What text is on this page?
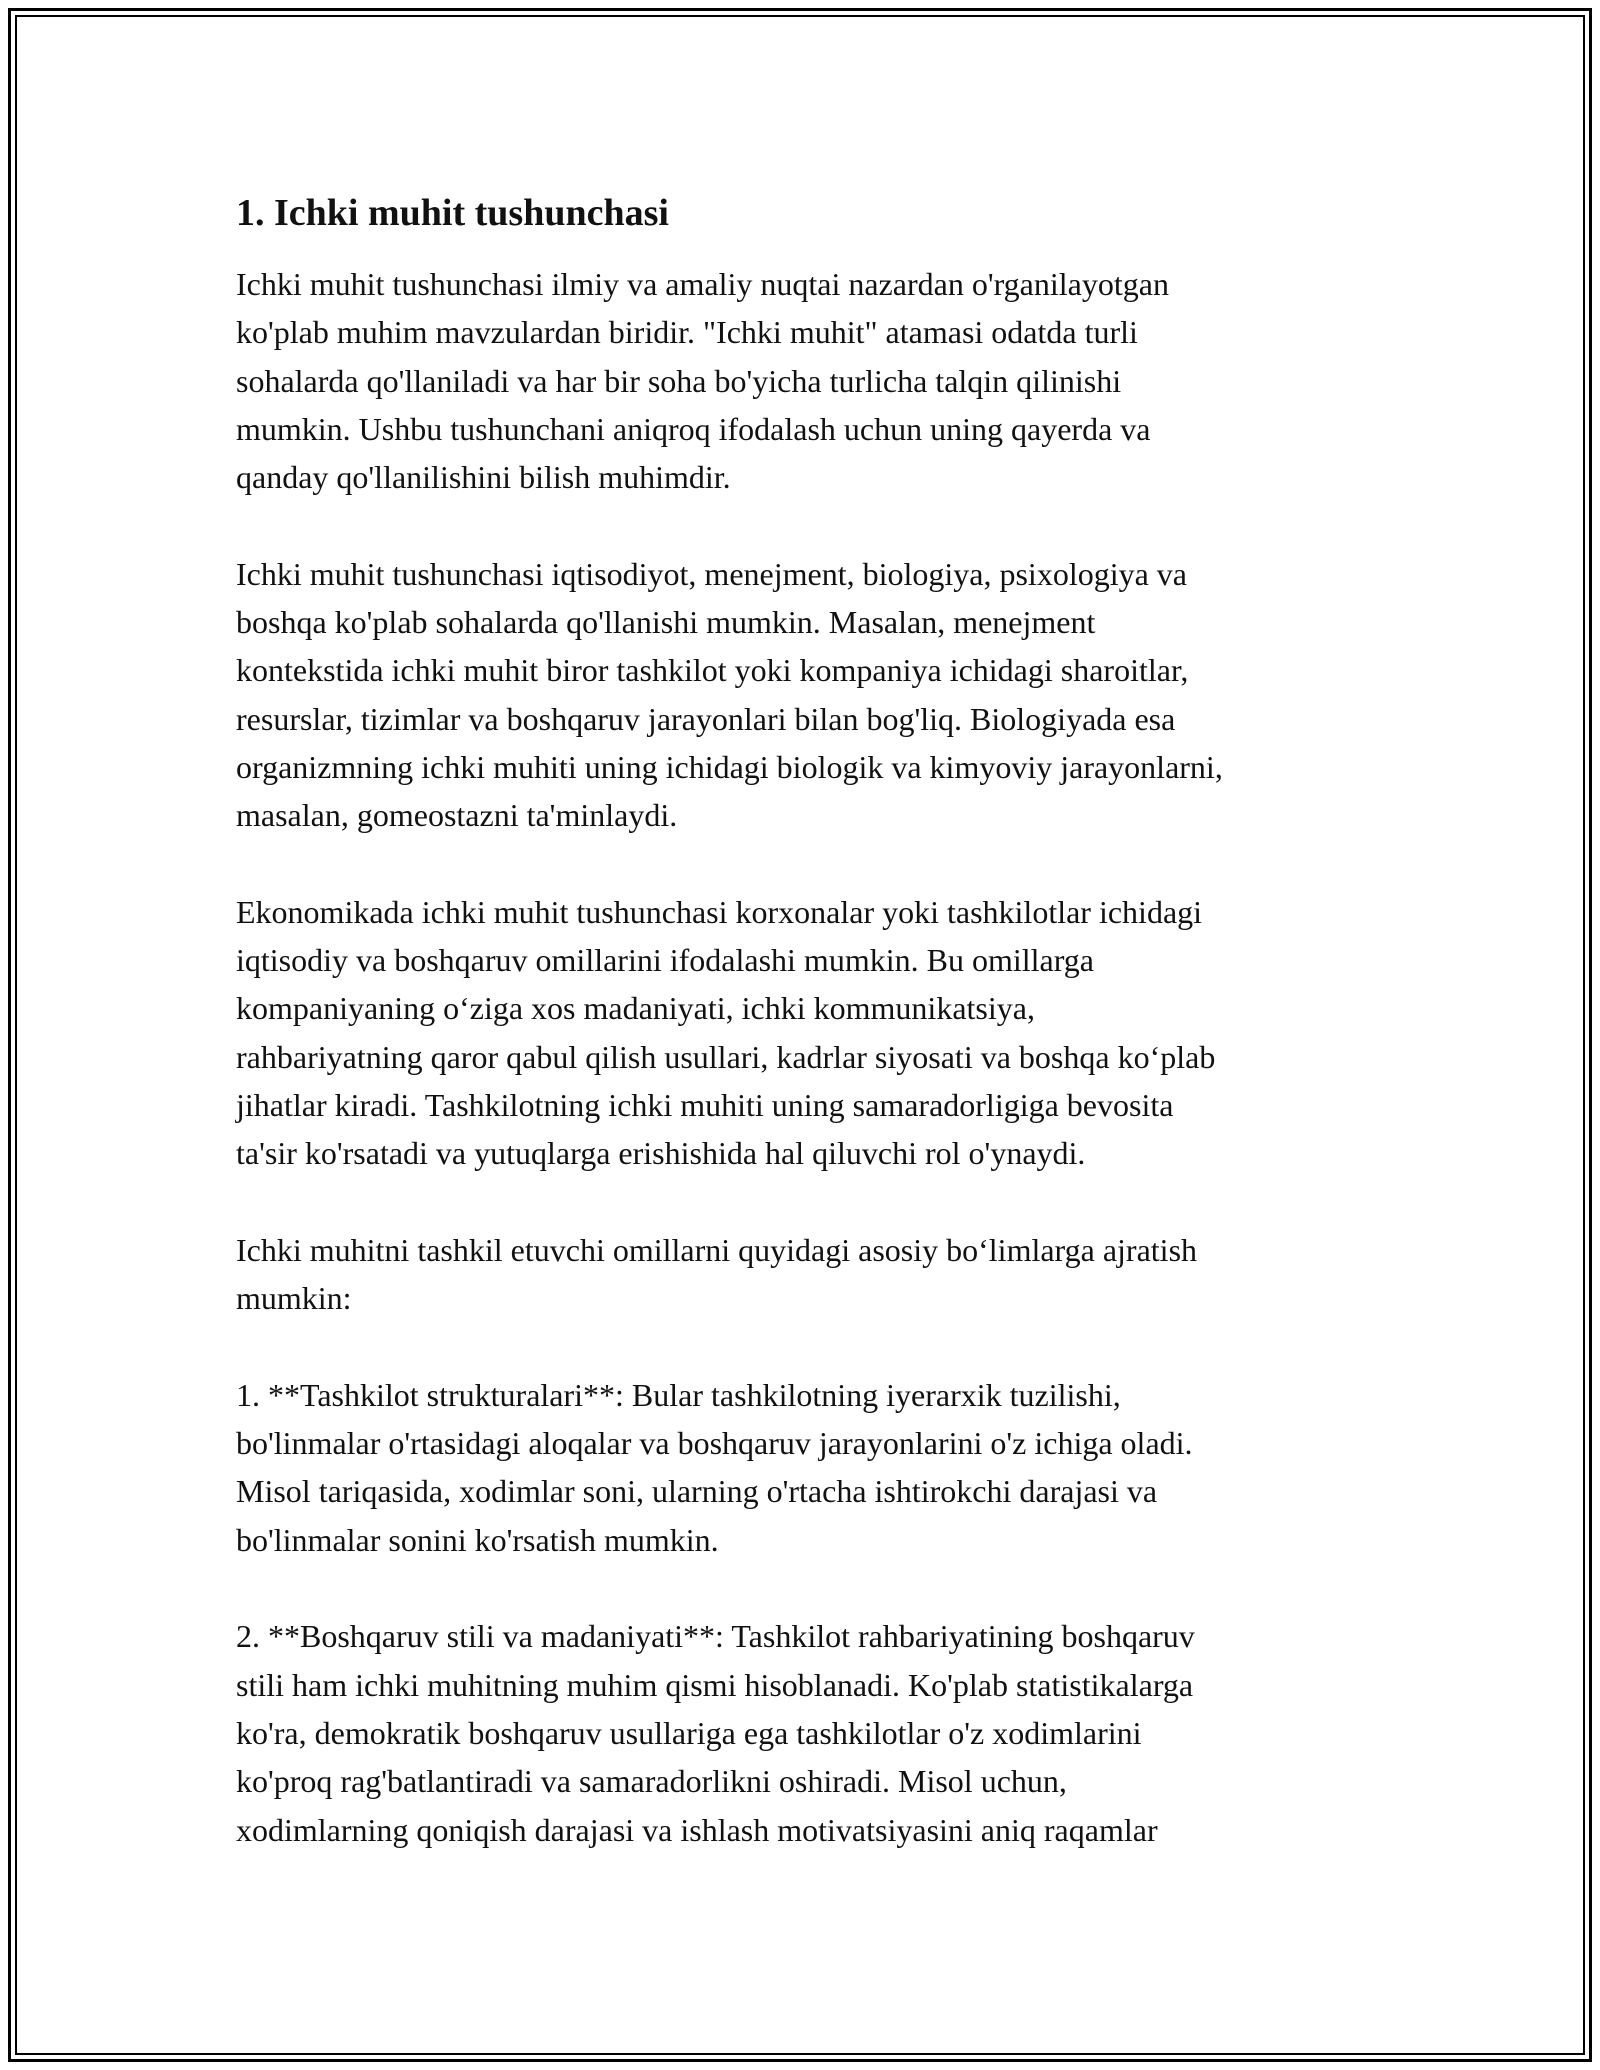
1. Ichki muhit tushunchasi

Ichki muhit tushunchasi ilmiy va amaliy nuqtai nazardan o'rganilayotgan
ko'plab muhim mavzulardan biridir. "Ichki muhit" atamasi odatda turli
sohalarda qo'llaniladi va har bir soha bo'yicha turlicha talqin qilinishi
mumkin. Ushbu tushunchani aniqroq ifodalash uchun uning qayerda va
qanday qo'llanilishini bilish muhimdir.

Ichki muhit tushunchasi iqtisodiyot, menejment, biologiya, psixologiya va
boshqa ko'plab sohalarda qo'llanishi mumkin. Masalan, menejment
kontekstida ichki muhit biror tashkilot yoki kompaniya ichidagi sharoitlar,
resurslar, tizimlar va boshqaruv jarayonlari bilan bog'liq. Biologiyada esa
organizmning ichki muhiti uning ichidagi biologik va kimyoviy jarayonlarni,
masalan, gomeostazni ta'minlaydi.

Ekonomikada ichki muhit tushunchasi korxonalar yoki tashkilotlar ichidagi
iqtisodiy va boshqaruv omillarini ifodalashi mumkin. Bu omillarga
kompaniyaning o‘ziga xos madaniyati, ichki kommunikatsiya,
rahbariyatning qaror qabul qilish usullari, kadrlar siyosati va boshqa ko‘plab
jihatlar kiradi. Tashkilotning ichki muhiti uning samaradorligiga bevosita
ta'sir ko'rsatadi va yutuqlarga erishishida hal qiluvchi rol o'ynaydi.

Ichki muhitni tashkil etuvchi omillarni quyidagi asosiy bo‘limlarga ajratish
mumkin:

1. **Tashkilot strukturalari**: Bular tashkilotning iyerarxik tuzilishi,
bo'linmalar o'rtasidagi aloqalar va boshqaruv jarayonlarini o'z ichiga oladi.
Misol tariqasida, xodimlar soni, ularning o'rtacha ishtirokchi darajasi va
bo'linmalar sonini ko'rsatish mumkin.

2. **Boshqaruv stili va madaniyati**: Tashkilot rahbariyatining boshqaruv
stili ham ichki muhitning muhim qismi hisoblanadi. Ko'plab statistikalarga
ko'ra, demokratik boshqaruv usullariga ega tashkilotlar o'z xodimlarini
ko'proq rag'batlantiradi va samaradorlikni oshiradi. Misol uchun,
xodimlarning qoniqish darajasi va ishlash motivatsiyasini aniq raqamlar
